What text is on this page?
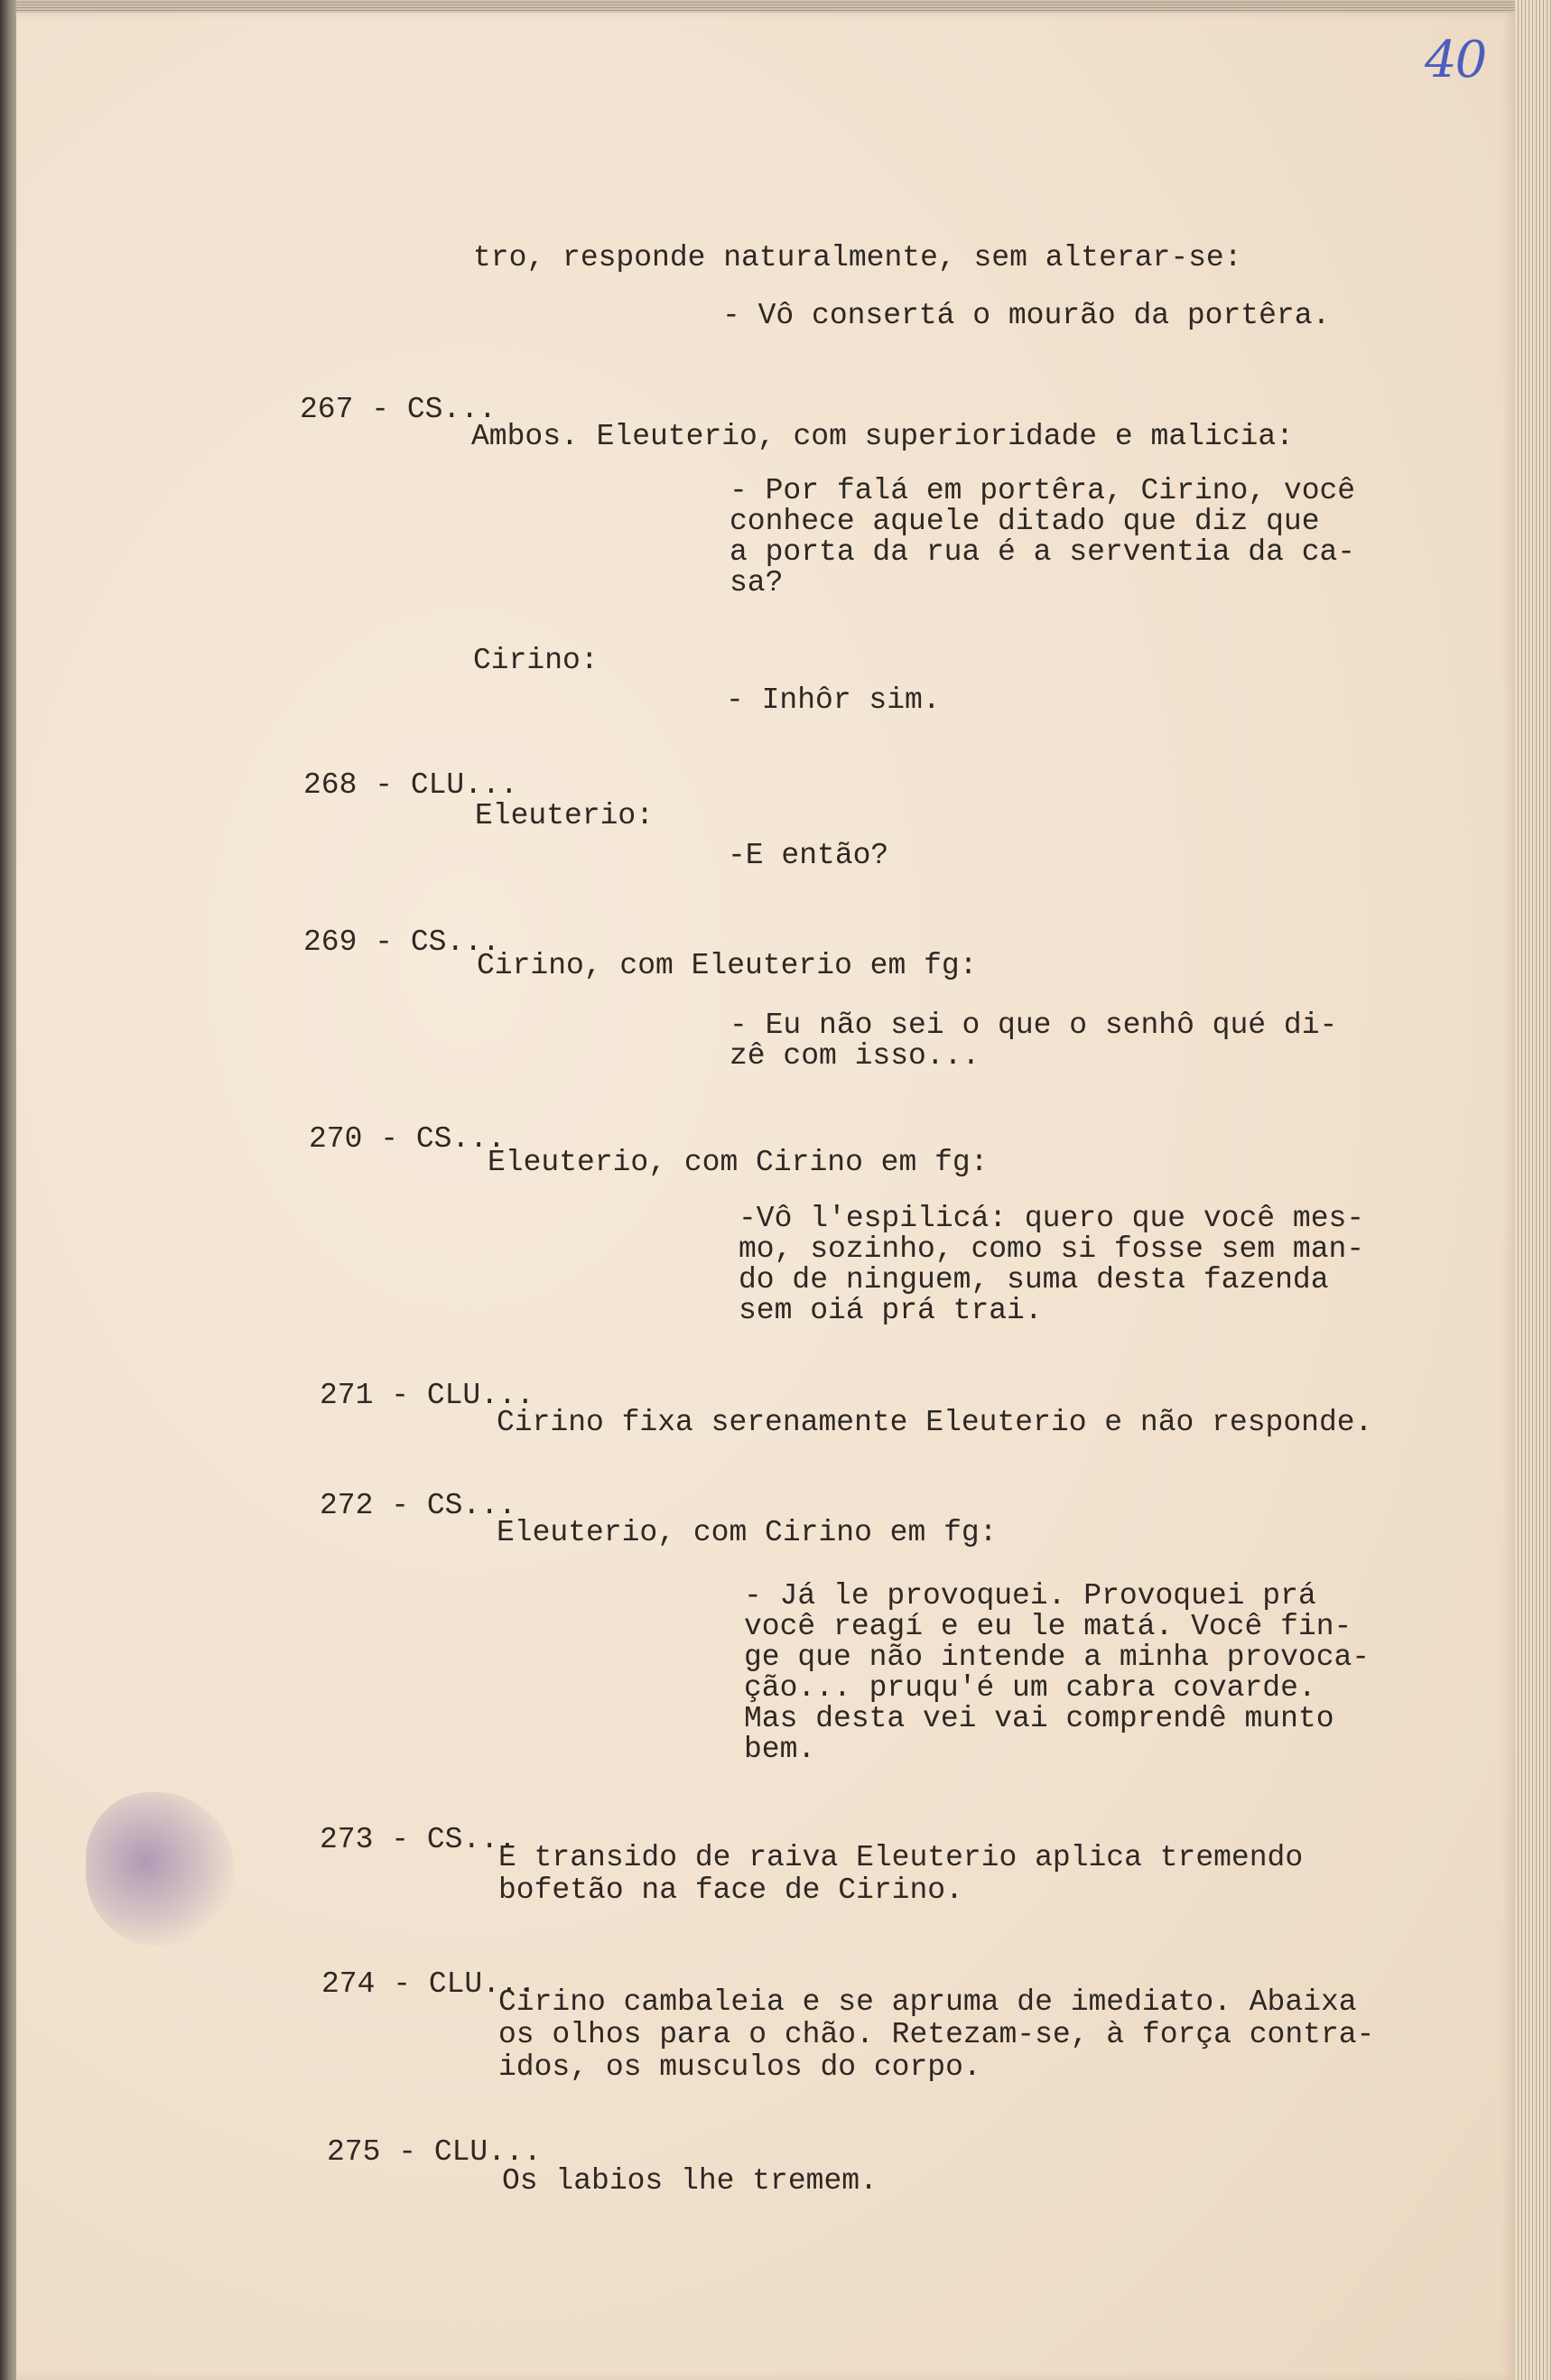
40

tro, responde naturalmente, sem alterar-se:

- Vô consertá o mourão da portêra.

267 - CS...

Ambos. Eleuterio, com superioridade e malicia:

- Por falá em portêra, Cirino, você

conhece aquele ditado que diz que

a porta da rua é a serventia da ca-

sa?

Cirino:

- Inhôr sim.

268 - CLU...

Eleuterio:

-E então?

269 - CS...

Cirino, com Eleuterio em fg:

- Eu não sei o que o senhô qué di-

zê com isso...

270 - CS...

Eleuterio, com Cirino em fg:

-Vô l'espilicá: quero que você mes-

mo, sozinho, como si fosse sem man-

do de ninguem, suma desta fazenda

sem oiá prá trai.

271 - CLU...

Cirino fixa serenamente Eleuterio e não responde.

272 - CS...

Eleuterio, com Cirino em fg:

- Já le provoquei. Provoquei prá

você reagí e eu le matá. Você fin-

ge que não intende a minha provoca-

ção... pruqu'é um cabra covarde.

Mas desta vei vai comprendê munto

bem.

273 - CS...

E transido de raiva Eleuterio aplica tremendo

bofetão na face de Cirino.

274 - CLU...

Cirino cambaleia e se apruma de imediato. Abaixa

os olhos para o chão. Retezam-se, à força contra-

idos, os musculos do corpo.

275 - CLU...

Os labios lhe tremem.
